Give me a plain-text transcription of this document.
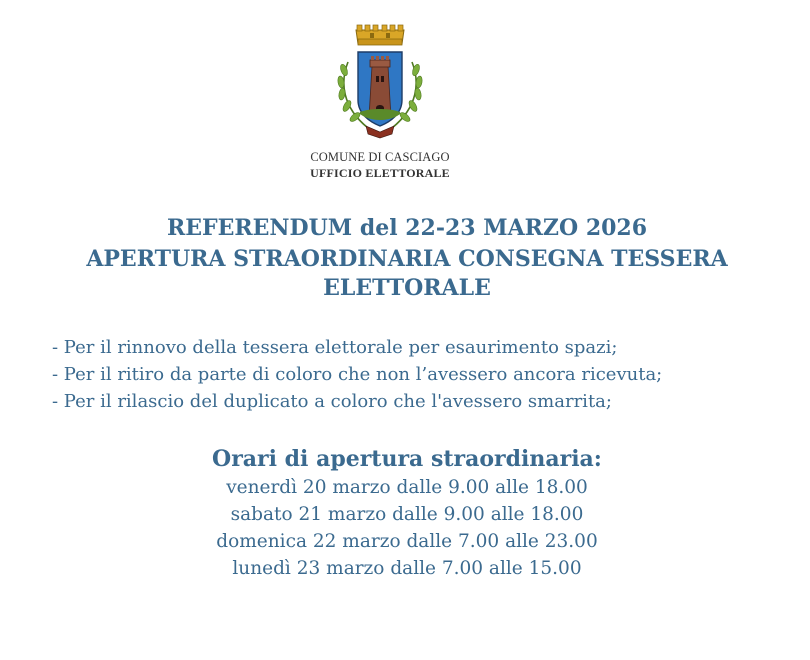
COMUNE DI CASCIAGO
UFFICIO ELETTORALE
REFERENDUM del 22-23 MARZO 2026
APERTURA STRAORDINARIA CONSEGNA TESSERA
ELETTORALE
- Per il rinnovo della tessera elettorale per esaurimento spazi;
- Per il ritiro da parte di coloro che non l’avessero ancora ricevuta;
- Per il rilascio del duplicato a coloro che l'avessero smarrita;
Orari di apertura straordinaria:
venerdì 20 marzo dalle 9.00 alle 18.00
sabato 21 marzo dalle 9.00 alle 18.00
domenica 22 marzo dalle 7.00 alle 23.00
lunedì 23 marzo dalle 7.00 alle 15.00
